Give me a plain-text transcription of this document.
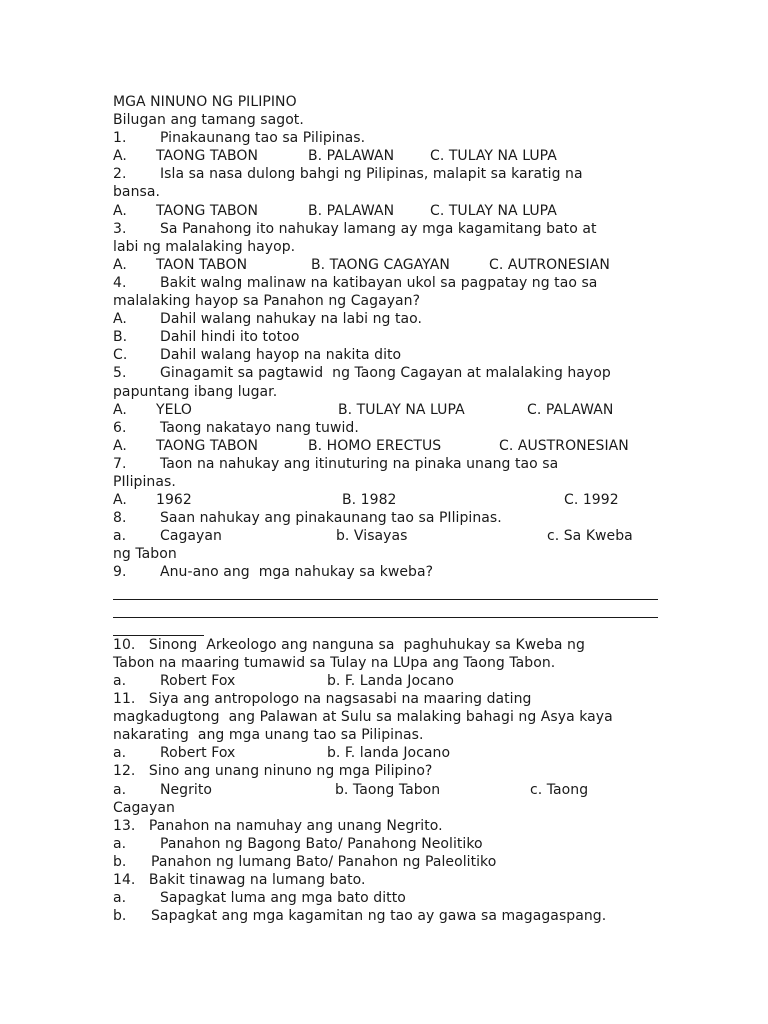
MGA NINUNO NG PILIPINO
Bilugan ang tamang sagot.
1. Pinakaunang tao sa Pilipinas.

A.

TAONG TABON

	B. PALAWAN

	C. TULAY NA LUPA

2. Isla sa nasa dulong bahgi ng Pilipinas, malapit sa karatig na
bansa.

A.

TAONG TABON

	B. PALAWAN

	C. TULAY NA LUPA

3. Sa Panahong ito nahukay lamang ay mga kagamitang bato at
labi ng malalaking hayop.

A.

TAON TABON

	B. TAONG CAGAYAN

	C. AUTRONESIAN

4. Bakit walng malinaw na katibayan ukol sa pagpatay ng tao sa
malalaking hayop sa Panahon ng Cagayan?
A. Dahil walang nahukay na labi ng tao.
B. Dahil hindi ito totoo
C. Dahil walang hayop na nakita dito
5. Ginagamit sa pagtawid  ng Taong Cagayan at malalaking hayop
papuntang ibang lugar.

A.

YELO

	B. TULAY NA LUPA

	C. PALAWAN

6. Taong nakatayo nang tuwid.

A.

TAONG TABON

	B. HOMO ERECTUS

	C. AUSTRONESIAN

7. Taon na nahukay ang itinuturing na pinaka unang tao sa
PIlipinas.

A.

1962

	B. 1982

	C. 1992

8. Saan nahukay ang pinakaunang tao sa PIlipinas.

a.

Cagayan

	b. Visayas

	c. Sa Kweba

ng Tabon
9. Anu-ano ang  mga nahukay sa kweba?
10.   Sinong  Arkeologo ang nanguna sa  paghuhukay sa Kweba ng
Tabon na maaring tumawid sa Tulay na LUpa ang Taong Tabon.

a.

Robert Fox

	b. F. Landa Jocano

11.   Siya ang antropologo na nagsasabi na maaring dating
magkadugtong  ang Palawan at Sulu sa malaking bahagi ng Asya kaya
nakarating  ang mga unang tao sa Pilipinas.

a.

Robert Fox

	b. F. landa Jocano

12.   Sino ang unang ninuno ng mga Pilipino?

a.

Negrito

	b. Taong Tabon

	c. Taong

Cagayan
13.   Panahon na namuhay ang unang Negrito.
a. Panahon ng Bagong Bato/ Panahong Neolitiko
b. Panahon ng lumang Bato/ Panahon ng Paleolitiko
14.   Bakit tinawag na lumang bato.
a. Sapagkat luma ang mga bato ditto
b. Sapagkat ang mga kagamitan ng tao ay gawa sa magagaspang.
